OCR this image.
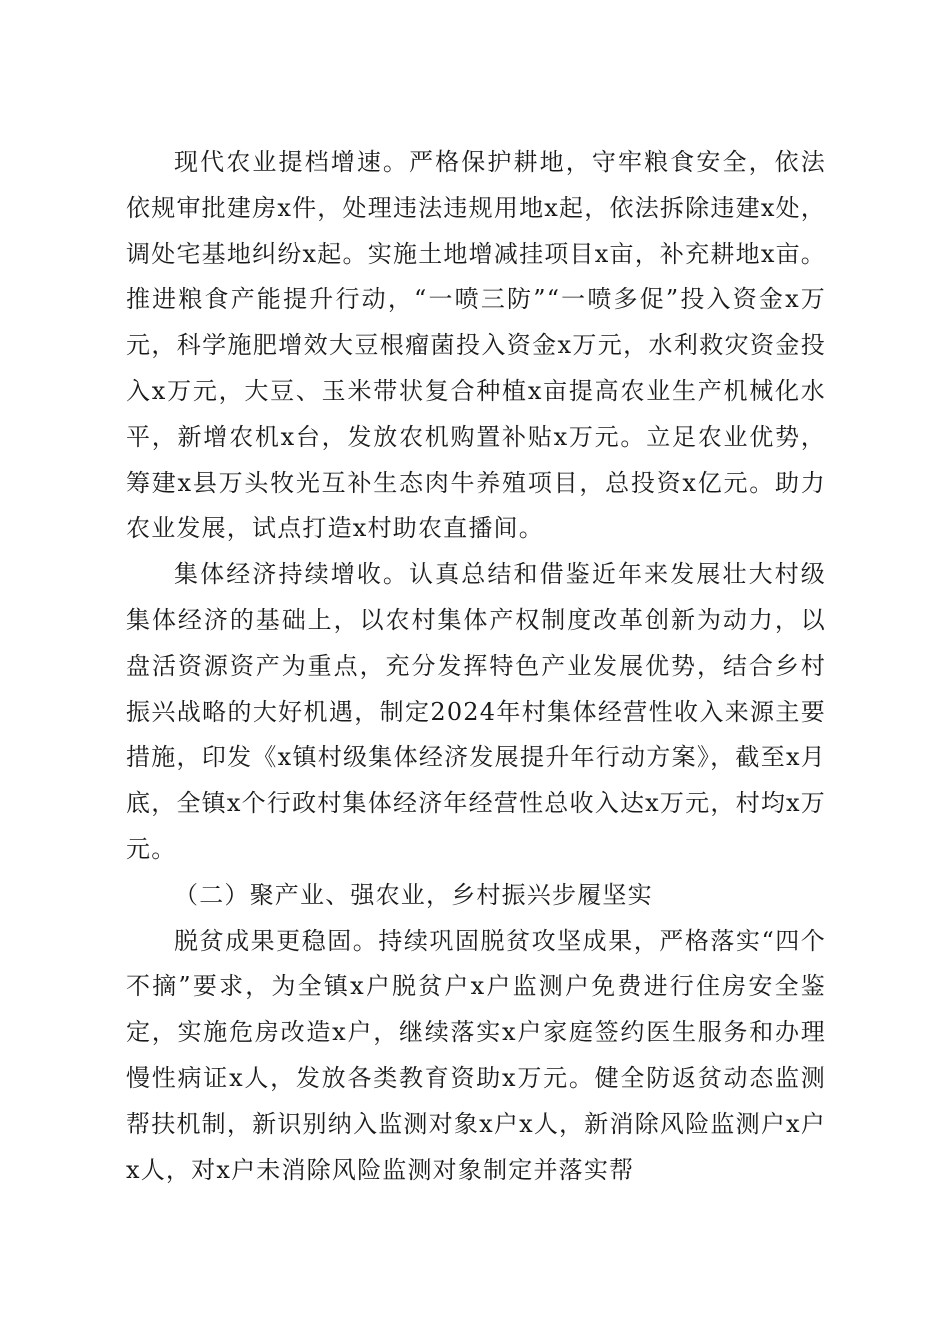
现代农业提档增速。严格保护耕地，守牢粮食安全，依法依规审批建房x件，处理违法违规用地x起，依法拆除违建x处，调处宅基地纠纷x起。实施土地增减挂项目x亩，补充耕地x亩。推进粮食产能提升行动，“一喷三防”“一喷多促”投入资金x万元，科学施肥增效大豆根瘤菌投入资金x万元，水利救灾资金投入x万元，大豆、玉米带状复合种植x亩提高农业生产机械化水平，新增农机x台，发放农机购置补贴x万元。立足农业优势，筹建x县万头牧光互补生态肉牛养殖项目，总投资x亿元。助力农业发展，试点打造x村助农直播间。

集体经济持续增收。认真总结和借鉴近年来发展壮大村级集体经济的基础上，以农村集体产权制度改革创新为动力，以盘活资源资产为重点，充分发挥特色产业发展优势，结合乡村振兴战略的大好机遇，制定2024年村集体经营性收入来源主要措施，印发《x镇村级集体经济发展提升年行动方案》，截至x月底，全镇x个行政村集体经济年经营性总收入达x万元，村均x万元。

（二）聚产业、强农业，乡村振兴步履坚实

脱贫成果更稳固。持续巩固脱贫攻坚成果，严格落实“四个不摘”要求，为全镇x户脱贫户x户监测户免费进行住房安全鉴定，实施危房改造x户，继续落实x户家庭签约医生服务和办理慢性病证x人，发放各类教育资助x万元。健全防返贫动态监测帮扶机制，新识别纳入监测对象x户x人，新消除风险监测户x户x人，对x户未消除风险监测对象制定并落实帮
